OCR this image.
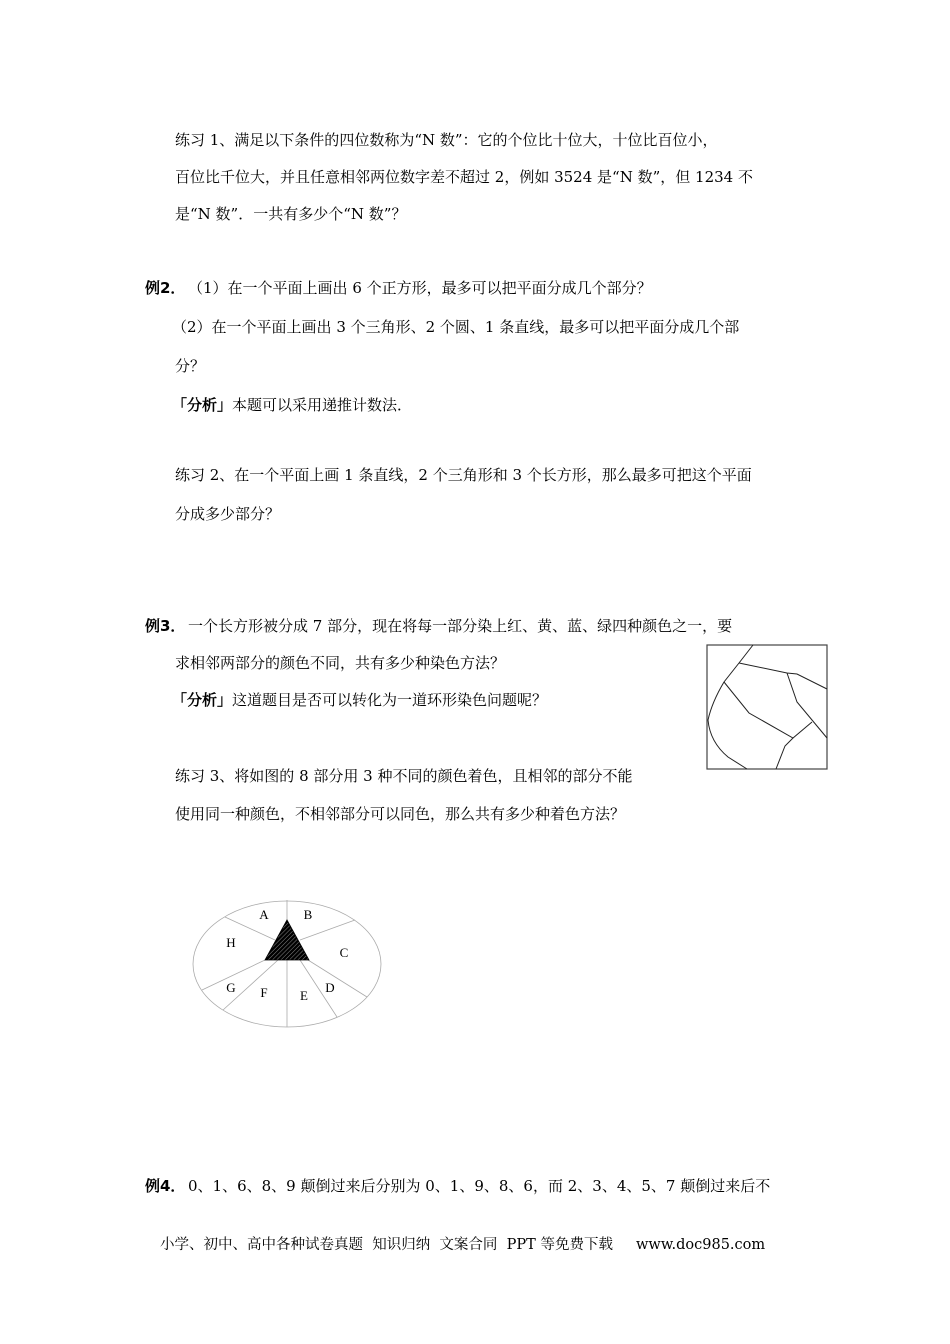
练习 1、满足以下条件的四位数称为“N 数”：它的个位比十位大，十位比百位小，
百位比千位大，并且任意相邻两位数字差不超过 2，例如 3524 是“N 数”，但 1234 不
是“N 数”．一共有多少个“N 数”？
例2． （1）在一个平面上画出 6 个正方形，最多可以把平面分成几个部分？
（2）在一个平面上画出 3 个三角形、2 个圆、1 条直线，最多可以把平面分成几个部
分？
「分析」本题可以采用递推计数法．
练习 2、在一个平面上画 1 条直线，2 个三角形和 3 个长方形，那么最多可把这个平面
分成多少部分？
例3． 一个长方形被分成 7 部分，现在将每一部分染上红、黄、蓝、绿四种颜色之一，要
求相邻两部分的颜色不同，共有多少种染色方法？
「分析」这道题目是否可以转化为一道环形染色问题呢？
练习 3、将如图的 8 部分用 3 种不同的颜色着色，且相邻的部分不能
使用同一种颜色，不相邻部分可以同色，那么共有多少种着色方法？
A	B
C
D
E
F
G
H
例4． 0、1、6、8、9 颠倒过来后分别为 0、1、9、8、6，而 2、3、4、5、7 颠倒过来后不
小学、初中、高中各种试卷真题  知识归纳  文案合同  PPT 等免费下载     www.doc985.com
